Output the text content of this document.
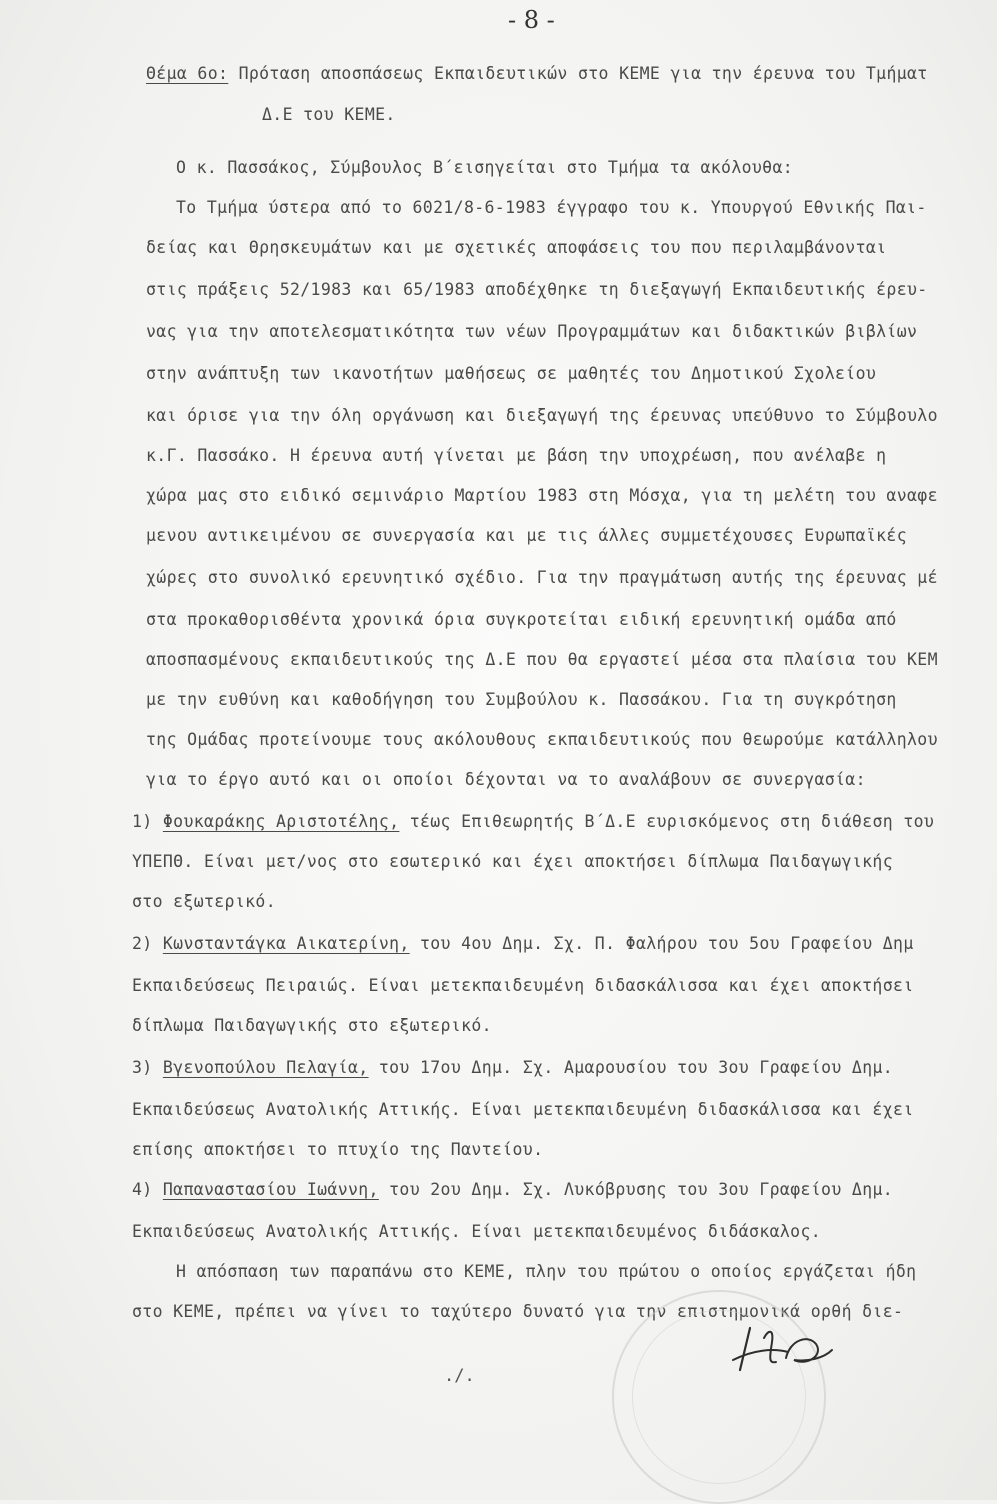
- 8 -
Θέμα 6ο: Πρόταση αποσπάσεως Εκπαιδευτικών στο ΚΕΜΕ για την έρευνα του Τμήματ
Δ.Ε του ΚΕΜΕ.
Ο κ. Πασσάκος, Σύμβουλος Β΄εισηγείται στο Τμήμα τα ακόλουθα:
Το Τμήμα ύστερα από το 6021/8-6-1983 έγγραφο του κ. Υπουργού Εθνικής Παι-
δείας και Θρησκευμάτων και με σχετικές αποφάσεις του που περιλαμβάνονται
στις πράξεις 52/1983 και 65/1983 αποδέχθηκε τη διεξαγωγή Εκπαιδευτικής έρευ-
νας για την αποτελεσματικότητα των νέων Προγραμμάτων και διδακτικών βιβλίων
στην ανάπτυξη των ικανοτήτων μαθήσεως σε μαθητές του Δημοτικού Σχολείου
και όρισε για την όλη οργάνωση και διεξαγωγή της έρευνας υπεύθυνο το Σύμβουλο
κ.Γ. Πασσάκο. Η έρευνα αυτή γίνεται με βάση την υποχρέωση, που ανέλαβε η
χώρα μας στο ειδικό σεμινάριο Μαρτίου 1983 στη Μόσχα, για τη μελέτη του αναφε
μενου αντικειμένου σε συνεργασία και με τις άλλες συμμετέχουσες Ευρωπαϊκές
χώρες στο συνολικό ερευνητικό σχέδιο. Για την πραγμάτωση αυτής της έρευνας μέ
στα προκαθορισθέντα χρονικά όρια συγκροτείται ειδική ερευνητική ομάδα από
αποσπασμένους εκπαιδευτικούς της Δ.Ε που θα εργαστεί μέσα στα πλαίσια του ΚΕΜ
με την ευθύνη και καθοδήγηση του Συμβούλου κ. Πασσάκου. Για τη συγκρότηση
της Ομάδας προτείνουμε τους ακόλουθους εκπαιδευτικούς που θεωρούμε κατάλληλου
για το έργο αυτό και οι οποίοι δέχονται να το αναλάβουν σε συνεργασία:
1) Φουκαράκης Αριστοτέλης, τέως Επιθεωρητής Β΄Δ.Ε ευρισκόμενος στη διάθεση του
ΥΠΕΠΘ. Είναι μετ/νος στο εσωτερικό και έχει αποκτήσει δίπλωμα Παιδαγωγικής
στο εξωτερικό.
2) Κωνσταντάγκα Αικατερίνη, του 4ου Δημ. Σχ. Π. Φαλήρου του 5ου Γραφείου Δημ
Εκπαιδεύσεως Πειραιώς. Είναι μετεκπαιδευμένη διδασκάλισσα και έχει αποκτήσει
δίπλωμα Παιδαγωγικής στο εξωτερικό.
3) Βγενοπούλου Πελαγία, του 17ου Δημ. Σχ. Αμαρουσίου του 3ου Γραφείου Δημ.
Εκπαιδεύσεως Ανατολικής Αττικής. Είναι μετεκπαιδευμένη διδασκάλισσα και έχει
επίσης αποκτήσει το πτυχίο της Παντείου.
4) Παπαναστασίου Ιωάννη, του 2ου Δημ. Σχ. Λυκόβρυσης του 3ου Γραφείου Δημ.
Εκπαιδεύσεως Ανατολικής Αττικής. Είναι μετεκπαιδευμένος διδάσκαλος.
Η απόσπαση των παραπάνω στο ΚΕΜΕ, πλην του πρώτου ο οποίος εργάζεται ήδη
στο ΚΕΜΕ, πρέπει να γίνει το ταχύτερο δυνατό για την επιστημονικά ορθή διε-
./.
